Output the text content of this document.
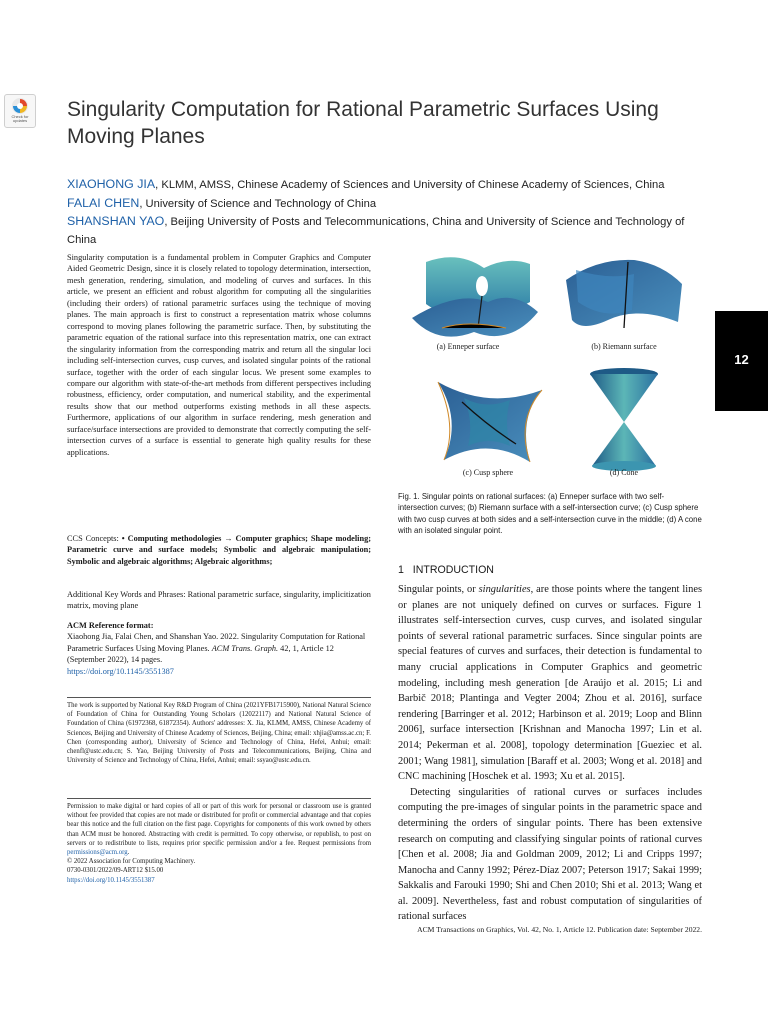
Check for
updates	Singularity Computation for Rational Parametric Surfaces Using Moving Planes
XIAOHONG JIA, KLMM, AMSS, Chinese Academy of Sciences and University of Chinese Academy of Sciences, China
FALAI CHEN, University of Science and Technology of China
SHANSHAN YAO, Beijing University of Posts and Telecommunications, China and University of Science and Technology of China
Singularity computation is a fundamental problem in Computer Graphics and Computer Aided Geometric Design, since it is closely related to topology determination, intersection, mesh generation, rendering, simulation, and modeling of curves and surfaces. In this article, we present an efficient and robust algorithm for computing all the singularities (including their orders) of rational parametric surfaces using the technique of moving planes. The main approach is first to construct a representation matrix whose columns correspond to moving planes following the parametric surface. Then, by substituting the parametric equation of the rational surface into this representation matrix, one can extract the singularity information from the corresponding matrix and return all the singular loci including self-intersection curves, cusp curves, and isolated singular points of the rational surface, together with the order of each singular locus. We present some examples to compare our algorithm with state-of-the-art methods from different perspectives including robustness, efficiency, order computation, and numerical stability, and the experimental results show that our method outperforms existing methods in all these aspects. Furthermore, applications of our algorithm in surface rendering, mesh generation and surface/surface intersections are provided to demonstrate that correctly computing the self-intersection curves of a surface is essential to generate high quality results for these applications.
CCS Concepts: • Computing methodologies → Computer graphics; Shape modeling; Parametric curve and surface models; Symbolic and algebraic manipulation; Symbolic and algebraic algorithms; Algebraic algorithms;
Additional Key Words and Phrases: Rational parametric surface, singularity, implicitization matrix, moving plane
ACM Reference format:
Xiaohong Jia, Falai Chen, and Shanshan Yao. 2022. Singularity Computation for Rational Parametric Surfaces Using Moving Planes. ACM Trans. Graph. 42, 1, Article 12 (September 2022), 14 pages.
https://doi.org/10.1145/3551387
The work is supported by National Key R&D Program of China (2021YFB1715900), National Natural Science of Foundation of China for Outstanding Young Scholars (12022117) and National Natural Science of Foundation of China (61972368, 61872354). Authors' addresses: X. Jia, KLMM, AMSS, Chinese Academy of Sciences, Beijing and University of Chinese Academy of Sciences, Beijing, China; email: xhjia@amss.ac.cn; F. Chen (corresponding author), University of Science and Technology of China, Hefei, Anhui; email: chenfl@ustc.edu.cn; S. Yao, Beijing University of Posts and Telecommunications, Beijing, China and University of Science and Technology of China, Hefei, Anhui; email: ssyao@ustc.edu.cn.
Permission to make digital or hard copies of all or part of this work for personal or classroom use is granted without fee provided that copies are not made or distributed for profit or commercial advantage and that copies bear this notice and the full citation on the first page. Copyrights for components of this work owned by others than ACM must be honored. Abstracting with credit is permitted. To copy otherwise, or republish, to post on servers or to redistribute to lists, requires prior specific permission and/or a fee. Request permissions from permissions@acm.org.
© 2022 Association for Computing Machinery.
0730-0301/2022/09-ART12 $15.00
https://doi.org/10.1145/3551387
(a) Enneper surface	(b) Riemann surface
(c) Cusp sphere	(d) Cone
Fig. 1. Singular points on rational surfaces: (a) Enneper surface with two self-intersection curves; (b) Riemann surface with a self-intersection curve; (c) Cusp sphere with two cusp curves at both sides and a self-intersection curve in the middle; (d) A cone with an isolated singular point.
1 INTRODUCTION

Singular points, or singularities, are those points where the tangent lines or planes are not uniquely defined on curves or surfaces. Figure 1 illustrates self-intersection curves, cusp curves, and isolated singular points of several rational parametric surfaces. Since singular points are special features of curves and surfaces, their detection is fundamental to many crucial applications in Computer Graphics and geometric modeling, including mesh generation [de Araújo et al. 2015; Li and Barbič 2018; Plantinga and Vegter 2004; Zhou et al. 2016], surface rendering [Barringer et al. 2012; Harbinson et al. 2019; Loop and Blinn 2006], surface intersection [Krishnan and Manocha 1997; Lin et al. 2014; Pekerman et al. 2008], topology determination [Gueziec et al. 2001; Wang 1981], simulation [Baraff et al. 2003; Wong et al. 2018] and CNC machining [Hoschek et al. 1993; Xu et al. 2015].

Detecting singularities of rational curves or surfaces includes computing the pre-images of singular points in the parametric space and determining the orders of singular points. There has been extensive research on computing and classifying singular points of rational curves [Chen et al. 2008; Jia and Goldman 2009, 2012; Li and Cripps 1997; Manocha and Canny 1992; Pérez-Díaz 2007; Peterson 1917; Sakai 1999; Sakkalis and Farouki 1990; Shi and Chen 2010; Shi et al. 2013; Wang et al. 2009]. Nevertheless, fast and robust computation of singularities of rational surfaces

ACM Transactions on Graphics, Vol. 42, No. 1, Article 12. Publication date: September 2022.
12
